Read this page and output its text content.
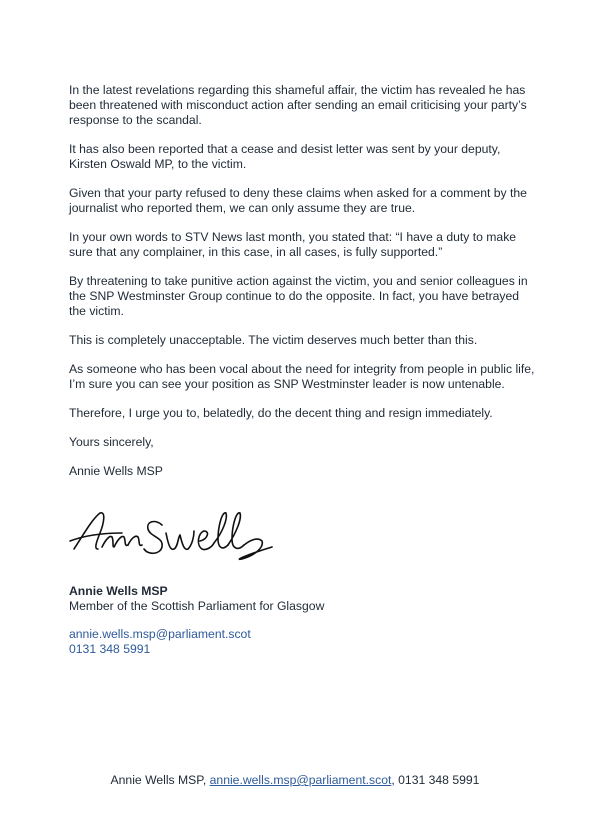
In the latest revelations regarding this shameful affair, the victim has revealed he has been threatened with misconduct action after sending an email criticising your party’s response to the scandal.

It has also been reported that a cease and desist letter was sent by your deputy, Kirsten Oswald MP, to the victim.

Given that your party refused to deny these claims when asked for a comment by the journalist who reported them, we can only assume they are true.

In your own words to STV News last month, you stated that: “I have a duty to make sure that any complainer, in this case, in all cases, is fully supported.”

By threatening to take punitive action against the victim, you and senior colleagues in the SNP Westminster Group continue to do the opposite. In fact, you have betrayed the victim.

This is completely unacceptable. The victim deserves much better than this.

As someone who has been vocal about the need for integrity from people in public life, I’m sure you can see your position as SNP Westminster leader is now untenable.

Therefore, I urge you to, belatedly, do the decent thing and resign immediately.

Yours sincerely,

Annie Wells MSP

Annie Wells MSP
Member of the Scottish Parliament for Glasgow
annie.wells.msp@parliament.scot
0131 348 5991
Annie Wells MSP, annie.wells.msp@parliament.scot, 0131 348 5991
